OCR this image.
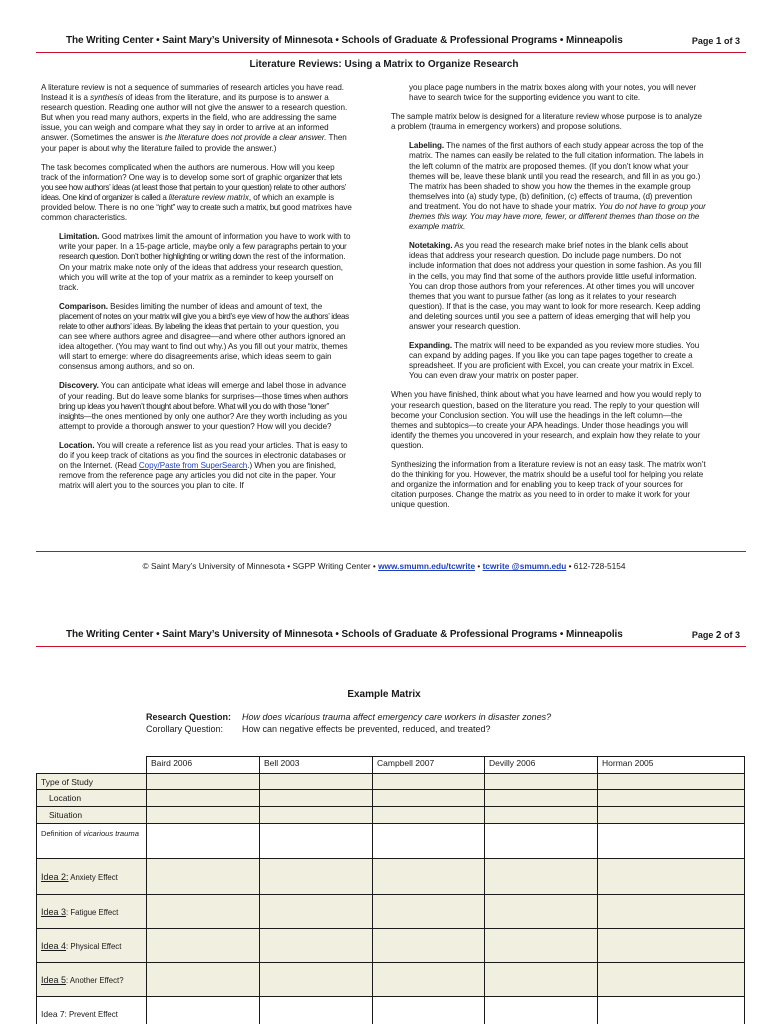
The Writing Center • Saint Mary’s University of Minnesota • Schools of Graduate & Professional Programs • Minneapolis	Page 1 of 3
Literature Reviews: Using a Matrix to Organize Research

A literature review is not a sequence of summaries of research articles you have read. Instead it is a synthesis of ideas from the literature, and its purpose is to answer a research question. Reading one author will not give the answer to a research question. But when you read many authors, experts in the field, who are addressing the same issue, you can weigh and compare what they say in order to arrive at an informed answer. (Sometimes the answer is the literature does not provide a clear answer. Then your paper is about why the literature failed to provide the answer.)

The task becomes complicated when the authors are numerous. How will you keep track of the information? One way is to develop some sort of graphic organizer that lets you see how authors’ ideas (at least those that pertain to your question) relate to other authors’ ideas. One kind of organizer is called a literature review matrix, of which an example is provided below. There is no one “right” way to create such a matrix, but good matrixes have common characteristics.

Limitation. Good matrixes limit the amount of information you have to work with to write your paper. In a 15-page article, maybe only a few paragraphs pertain to your research question. Don’t bother highlighting or writing down the rest of the information. On your matrix make note only of the ideas that address your research question, which you will write at the top of your matrix as a reminder to keep yourself on track.

Comparison. Besides limiting the number of ideas and amount of text, the placement of notes on your matrix will give you a bird’s eye view of how the authors’ ideas relate to other authors’ ideas. By labeling the ideas that pertain to your question, you can see where authors agree and disagree—and where other authors ignored an idea altogether. (You may want to find out why.) As you fill out your matrix, themes will start to emerge: where do disagreements arise, which ideas seem to gain consensus among authors, and so on.

Discovery. You can anticipate what ideas will emerge and label those in advance of your reading. But do leave some blanks for surprises—those times when authors bring up ideas you haven’t thought about before. What will you do with those “loner” insights—the ones mentioned by only one author? Are they worth including as you attempt to provide a thorough answer to your question? How will you decide?

Location. You will create a reference list as you read your articles. That is easy to do if you keep track of citations as you find the sources in electronic databases or on the Internet. (Read Copy/Paste from SuperSearch.) When you are finished, remove from the reference page any articles you did not cite in the paper. Your matrix will alert you to the sources you plan to cite. If

you place page numbers in the matrix boxes along with your notes, you will never have to search twice for the supporting evidence you want to cite.

The sample matrix below is designed for a literature review whose purpose is to analyze a problem (trauma in emergency workers) and propose solutions.

Labeling. The names of the first authors of each study appear across the top of the matrix. The names can easily be related to the full citation information. The labels in the left column of the matrix are proposed themes. (If you don’t know what your themes will be, leave these blank until you read the research, and fill in as you go.) The matrix has been shaded to show you how the themes in the example group themselves into (a) study type, (b) definition, (c) effects of trauma, (d) prevention and treatment. You do not have to shade your matrix. You do not have to group your themes this way. You may have more, fewer, or different themes than those on the example matrix.

Notetaking. As you read the research make brief notes in the blank cells about ideas that address your research question. Do include page numbers. Do not include information that does not address your question in some fashion. As you fill in the cells, you may find that some of the authors provide little useful information. You can drop those authors from your references. At other times you will uncover themes that you want to pursue father (as long as it relates to your research question). If that is the case, you may want to look for more research. Keep adding and deleting sources until you see a pattern of ideas emerging that will help you answer your research question.

Expanding. The matrix will need to be expanded as you review more studies. You can expand by adding pages. If you like you can tape pages together to create a spreadsheet. If you are proficient with Excel, you can create your matrix in Excel. You can even draw your matrix on poster paper.

When you have finished, think about what you have learned and how you would reply to your research question, based on the literature you read. The reply to your question will become your Conclusion section. You will use the headings in the left column—the themes and subtopics—to create your APA headings. Under those headings you will identify the themes you uncovered in your research, and explain how they relate to your question.

Synthesizing the information from a literature review is not an easy task. The matrix won’t do the thinking for you. However, the matrix should be a useful tool for helping you relate and organize the information and for enabling you to keep track of your sources for citation purposes. Change the matrix as you need to in order to make it work for your unique question.

© Saint Mary’s University of Minnesota • SGPP Writing Center • www.smumn.edu/tcwrite • tcwrite @smumn.edu • 612-728-5154
The Writing Center • Saint Mary’s University of Minnesota • Schools of Graduate & Professional Programs • Minneapolis	Page 2 of 3
Example Matrix
Research Question: How does vicarious trauma affect emergency care workers in disaster zones?
Corollary Question: How can negative effects be prevented, reduced, and treated?
	Baird 2006	Bell 2003	Campbell 2007	Devilly 2006	Horman 2005
Type of Study					
Location					
Situation					
Definition of vicarious trauma					
Idea 2: Anxiety Effect					
Idea 3: Fatigue Effect					
Idea 4: Physical Effect					
Idea 5: Another Effect?					
Idea 7: Prevent Effect					
